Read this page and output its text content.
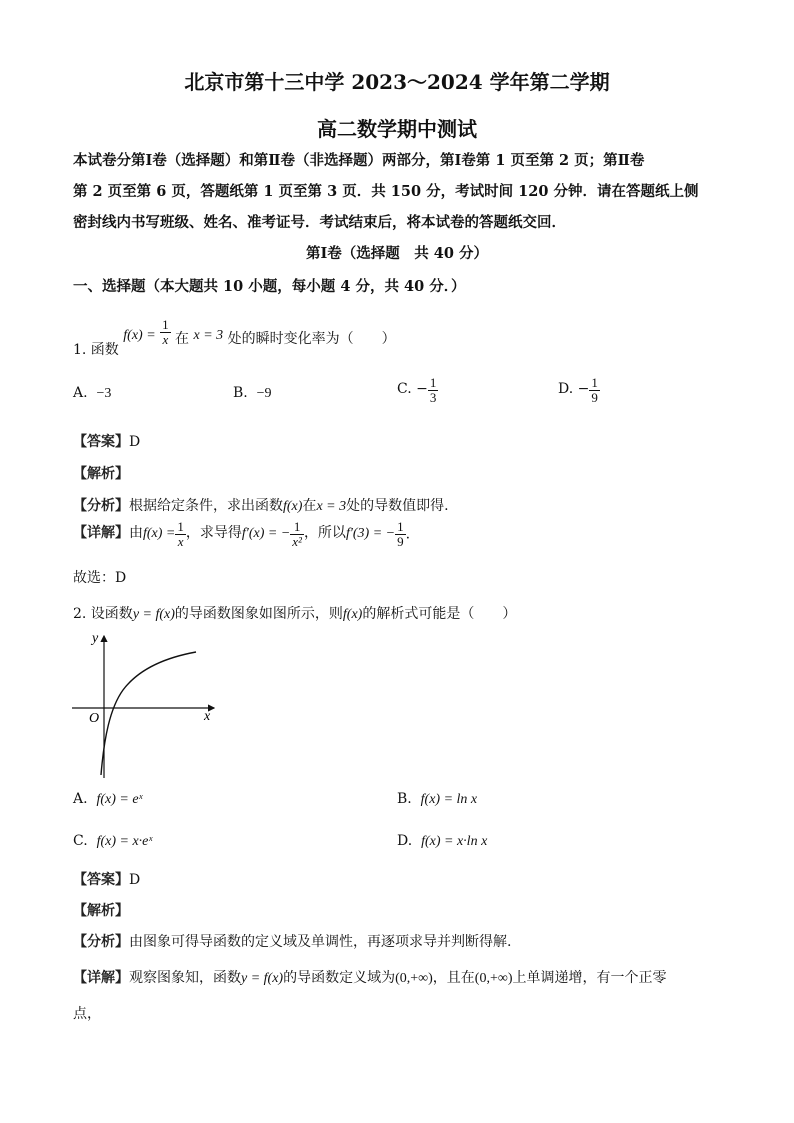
北京市第十三中学 2023～2024 学年第二学期
高二数学期中测试
本试卷分第Ⅰ卷（选择题）和第Ⅱ卷（非选择题）两部分，第Ⅰ卷第 1 页至第 2 页；第Ⅱ卷
第 2 页至第 6 页，答题纸第 1 页至第 3 页．共 150 分，考试时间 120 分钟．请在答题纸上侧
密封线内书写班级、姓名、准考证号．考试结束后，将本试卷的答题纸交回．
第Ⅰ卷（选择题　共 40 分）
一、选择题（本大题共 10 小题，每小题 4 分，共 40 分．）
1. 函数 $f(x) = \frac{1}{x}$ 在 x = 3 处的瞬时变化率为（　　）
A. −3	B. −9	C. − $\frac{1}{3}$	D. − $\frac{1}{9}$
【答案】D
【解析】
【分析】根据给定条件，求出函数f(x)在x = 3处的导数值即得.
【详解】由$f(x) = \frac{1}{x}$ ，求导得f′(x) = − $\frac{1}{\text{x²}}$ ，所以f′(3) = − $\frac{1}{9}$ .
故选：D
2. 设函数y = f(x)的导函数图象如图所示，则f(x)的解析式可能是（　　）
y
x
O
A. f(x) = eˣ	B. f(x) = ln x
C. f(x) = x·eˣ	D. f(x) = x·ln x
【答案】D
【解析】
【分析】由图象可得导函数的定义域及单调性，再逐项求导并判断得解.
【详解】观察图象知，函数y = f(x)的导函数定义域为(0,+∞)，且在(0,+∞)上单调递增，有一个正零
点，
